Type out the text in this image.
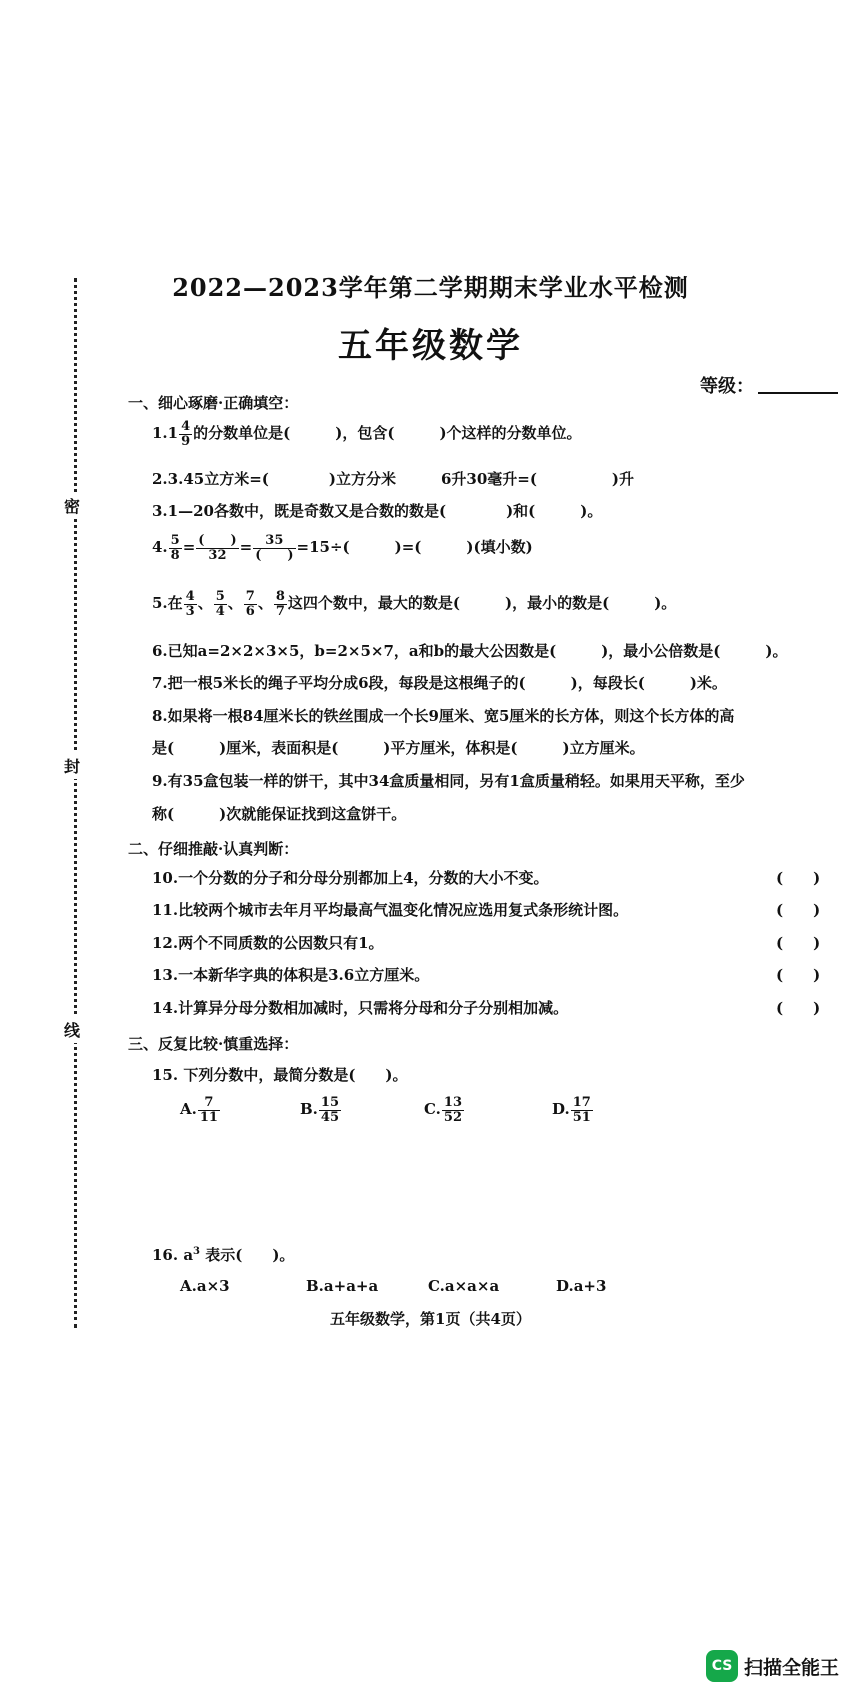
密
封
线
2022—2023学年第二学期期末学业水平检测
五年级数学
等级：
一、细心琢磨·正确填空：
$1.1 \frac{4}{9}$ 的分数单位是(　　　)，包含(　　　)个这样的分数单位。
2.3.45立方米=(　　　　)立方分米　　　6升30毫升=(　　　　　)升
3.1—20各数中，既是奇数又是合数的数是(　　　　)和(　　　)。
4. $\frac{5}{8} = \frac{( )}{32} = \frac{35}{( )} =15\div$(　　　)=(　　　)(填小数)
5.在 $\frac{4}{3}$ 、 $\frac{5}{4}$ 、 $\frac{7}{6}$ 、 $\frac{8}{7}$ 这四个数中，最大的数是(　　　)，最小的数是(　　　)。
6.已知a=2×2×3×5，b=2×5×7，a和b的最大公因数是(　　　)，最小公倍数是(　　　)。
7.把一根5米长的绳子平均分成6段，每段是这根绳子的(　　　)，每段长(　　　)米。
8.如果将一根84厘米长的铁丝围成一个长9厘米、宽5厘米的长方体，则这个长方体的高
是(　　　)厘米，表面积是(　　　)平方厘米，体积是(　　　)立方厘米。
9.有35盒包装一样的饼干，其中34盒质量相同，另有1盒质量稍轻。如果用天平称，至少
称(　　　)次就能保证找到这盒饼干。
二、仔细推敲·认真判断：
10.一个分数的分子和分母分别都加上4，分数的大小不变。	(　　)
11.比较两个城市去年月平均最高气温变化情况应选用复式条形统计图。	(　　)
12.两个不同质数的公因数只有1。	(　　)
13.一本新华字典的体积是3.6立方厘米。	(　　)
14.计算异分母分数相加减时，只需将分母和分子分别相加减。	(　　)
三、反复比较·慎重选择：
15. 下列分数中，最简分数是(　　)。
A. $\frac{7}{11}$	B. $\frac{15}{45}$	C. $\frac{13}{52}$	D. $\frac{17}{51}$
16. $a^3$ 表示(　　)。
A.a×3	B.a+a+a	C.a×a×a	D.a+3
五年级数学，第1页（共4页）
CS 扫描全能王
